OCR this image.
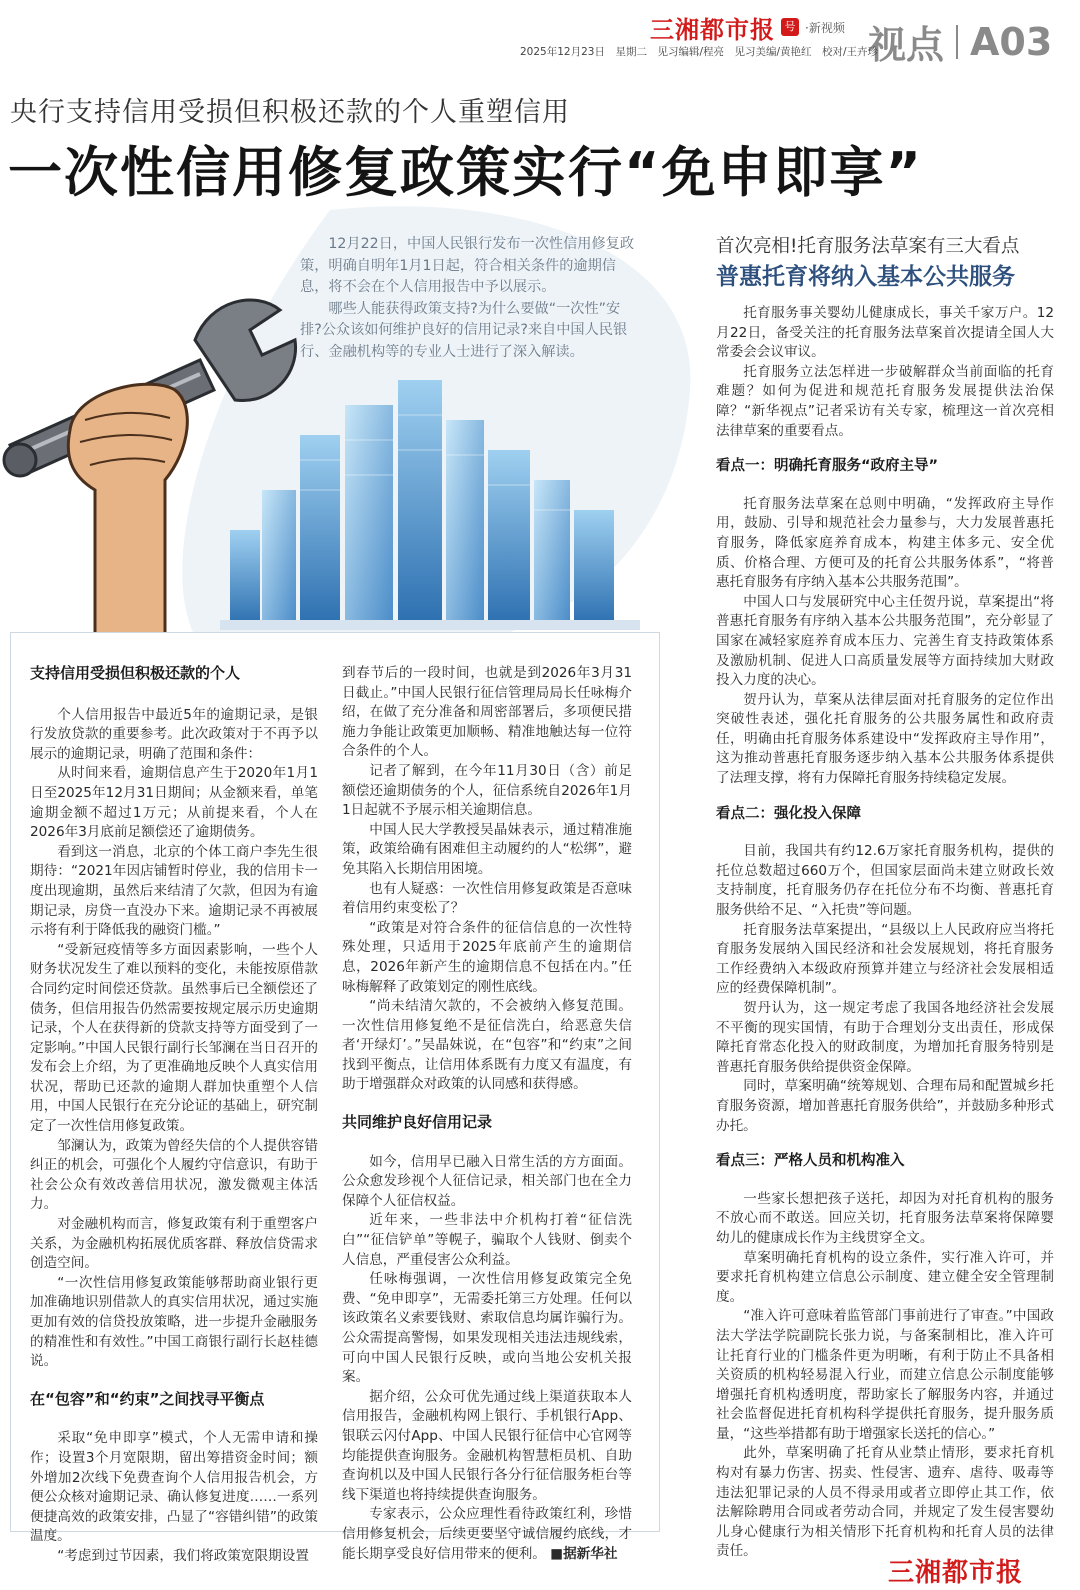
三湘都市报 号 ·新视频 视点 A03
2025年12月23日　星期二　见习编辑/程亮　见习美编/黄艳红　校对/王卉珍
央行支持信用受损但积极还款的个人重塑信用
一次性信用修复政策实行“免申即享”

12月22日，中国人民银行发布一次性信用修复政策，明确自明年1月1日起，符合相关条件的逾期信息，将不会在个人信用报告中予以展示。

哪些人能获得政策支持?为什么要做“一次性”安排?公众该如何维护良好的信用记录?来自中国人民银行、金融机构等的专业人士进行了深入解读。

支持信用受损但积极还款的个人

个人信用报告中最近5年的逾期记录，是银行发放贷款的重要参考。此次政策对于不再予以展示的逾期记录，明确了范围和条件：

从时间来看，逾期信息产生于2020年1月1日至2025年12月31日期间；从金额来看，单笔逾期金额不超过1万元；从前提来看，个人在2026年3月底前足额偿还了逾期债务。

看到这一消息，北京的个体工商户李先生很期待：“2021年因店铺暂时停业，我的信用卡一度出现逾期，虽然后来结清了欠款，但因为有逾期记录，房贷一直没办下来。逾期记录不再被展示将有利于降低我的融资门槛。”

“受新冠疫情等多方面因素影响，一些个人财务状况发生了难以预料的变化，未能按原借款合同约定时间偿还贷款。虽然事后已全额偿还了债务，但信用报告仍然需要按规定展示历史逾期记录，个人在获得新的贷款支持等方面受到了一定影响。”中国人民银行副行长邹澜在当日召开的发布会上介绍，为了更准确地反映个人真实信用状况，帮助已还款的逾期人群加快重塑个人信用，中国人民银行在充分论证的基础上，研究制定了一次性信用修复政策。

邹澜认为，政策为曾经失信的个人提供容错纠正的机会，可强化个人履约守信意识，有助于社会公众有效改善信用状况，激发微观主体活力。

对金融机构而言，修复政策有利于重塑客户关系，为金融机构拓展优质客群、释放信贷需求创造空间。

“一次性信用修复政策能够帮助商业银行更加准确地识别借款人的真实信用状况，通过实施更加有效的信贷投放策略，进一步提升金融服务的精准性和有效性。”中国工商银行副行长赵桂德说。

在“包容”和“约束”之间找寻平衡点

采取“免申即享”模式，个人无需申请和操作；设置3个月宽限期，留出筹措资金时间；额外增加2次线下免费查询个人信用报告机会，方便公众核对逾期记录、确认修复进度……一系列便捷高效的政策安排，凸显了“容错纠错”的政策温度。

“考虑到过节因素，我们将政策宽限期设置

到春节后的一段时间，也就是到2026年3月31日截止。”中国人民银行征信管理局局长任咏梅介绍，在做了充分准备和周密部署后，多项便民措施力争能让政策更加顺畅、精准地触达每一位符合条件的个人。

记者了解到，在今年11月30日（含）前足额偿还逾期债务的个人，征信系统自2026年1月1日起就不予展示相关逾期信息。

中国人民大学教授吴晶妹表示，通过精准施策，政策给确有困难但主动履约的人“松绑”，避免其陷入长期信用困境。

也有人疑惑：一次性信用修复政策是否意味着信用约束变松了？

“政策是对符合条件的征信信息的一次性特殊处理，只适用于2025年底前产生的逾期信息，2026年新产生的逾期信息不包括在内。”任咏梅解释了政策划定的刚性底线。

“尚未结清欠款的，不会被纳入修复范围。一次性信用修复绝不是征信洗白，给恶意失信者‘开绿灯’。”吴晶妹说，在“包容”和“约束”之间找到平衡点，让信用体系既有力度又有温度，有助于增强群众对政策的认同感和获得感。

共同维护良好信用记录

如今，信用早已融入日常生活的方方面面。公众愈发珍视个人征信记录，相关部门也在全力保障个人征信权益。

近年来，一些非法中介机构打着“征信洗白”“征信铲单”等幌子，骗取个人钱财、倒卖个人信息，严重侵害公众利益。

任咏梅强调，一次性信用修复政策完全免费、“免申即享”，无需委托第三方处理。任何以该政策名义索要钱财、索取信息均属诈骗行为。公众需提高警惕，如果发现相关违法违规线索，可向中国人民银行反映，或向当地公安机关报案。

据介绍，公众可优先通过线上渠道获取本人信用报告，金融机构网上银行、手机银行App、银联云闪付App、中国人民银行征信中心官网等均能提供查询服务。金融机构智慧柜员机、自助查询机以及中国人民银行各分行征信服务柜台等线下渠道也将持续提供查询服务。

专家表示，公众应理性看待政策红利，珍惜信用修复机会，后续更要坚守诚信履约底线，才能长期享受良好信用带来的便利。 ■据新华社

首次亮相!托育服务法草案有三大看点
普惠托育将纳入基本公共服务

托育服务事关婴幼儿健康成长，事关千家万户。12月22日，备受关注的托育服务法草案首次提请全国人大常委会会议审议。

托育服务立法怎样进一步破解群众当前面临的托育难题？如何为促进和规范托育服务发展提供法治保障？“新华视点”记者采访有关专家，梳理这一首次亮相法律草案的重要看点。

看点一：明确托育服务“政府主导”

托育服务法草案在总则中明确，“发挥政府主导作用，鼓励、引导和规范社会力量参与，大力发展普惠托育服务，降低家庭养育成本，构建主体多元、安全优质、价格合理、方便可及的托育公共服务体系”，“将普惠托育服务有序纳入基本公共服务范围”。

中国人口与发展研究中心主任贺丹说，草案提出“将普惠托育服务有序纳入基本公共服务范围”，充分彰显了国家在减轻家庭养育成本压力、完善生育支持政策体系及激励机制、促进人口高质量发展等方面持续加大财政投入力度的决心。

贺丹认为，草案从法律层面对托育服务的定位作出突破性表述，强化托育服务的公共服务属性和政府责任，明确由托育服务体系建设中“发挥政府主导作用”，这为推动普惠托育服务逐步纳入基本公共服务体系提供了法理支撑，将有力保障托育服务持续稳定发展。

看点二：强化投入保障

目前，我国共有约12.6万家托育服务机构，提供的托位总数超过660万个，但国家层面尚未建立财政长效支持制度，托育服务仍存在托位分布不均衡、普惠托育服务供给不足、“入托贵”等问题。

托育服务法草案提出，“县级以上人民政府应当将托育服务发展纳入国民经济和社会发展规划，将托育服务工作经费纳入本级政府预算并建立与经济社会发展相适应的经费保障机制”。

贺丹认为，这一规定考虑了我国各地经济社会发展不平衡的现实国情，有助于合理划分支出责任，形成保障托育常态化投入的财政制度，为增加托育服务特别是普惠托育服务供给提供资金保障。

同时，草案明确“统筹规划、合理布局和配置城乡托育服务资源，增加普惠托育服务供给”，并鼓励多种形式办托。

看点三：严格人员和机构准入

一些家长想把孩子送托，却因为对托育机构的服务不放心而不敢送。回应关切，托育服务法草案将保障婴幼儿的健康成长作为主线贯穿全文。

草案明确托育机构的设立条件，实行准入许可，并要求托育机构建立信息公示制度、建立健全安全管理制度。

“准入许可意味着监管部门事前进行了审查。”中国政法大学法学院副院长张力说，与备案制相比，准入许可让托育行业的门槛条件更为明晰，有利于防止不具备相关资质的机构轻易混入行业，而建立信息公示制度能够增强托育机构透明度，帮助家长了解服务内容，并通过社会监督促进托育机构科学提供托育服务，提升服务质量，“这些举措都有助于增强家长送托的信心。”

此外，草案明确了托育从业禁止情形，要求托育机构对有暴力伤害、拐卖、性侵害、遗弃、虐待、吸毒等违法犯罪记录的人员不得录用或者立即停止其工作，依法解除聘用合同或者劳动合同，并规定了发生侵害婴幼儿身心健康行为相关情形下托育机构和托育人员的法律责任。

三湘都市报
